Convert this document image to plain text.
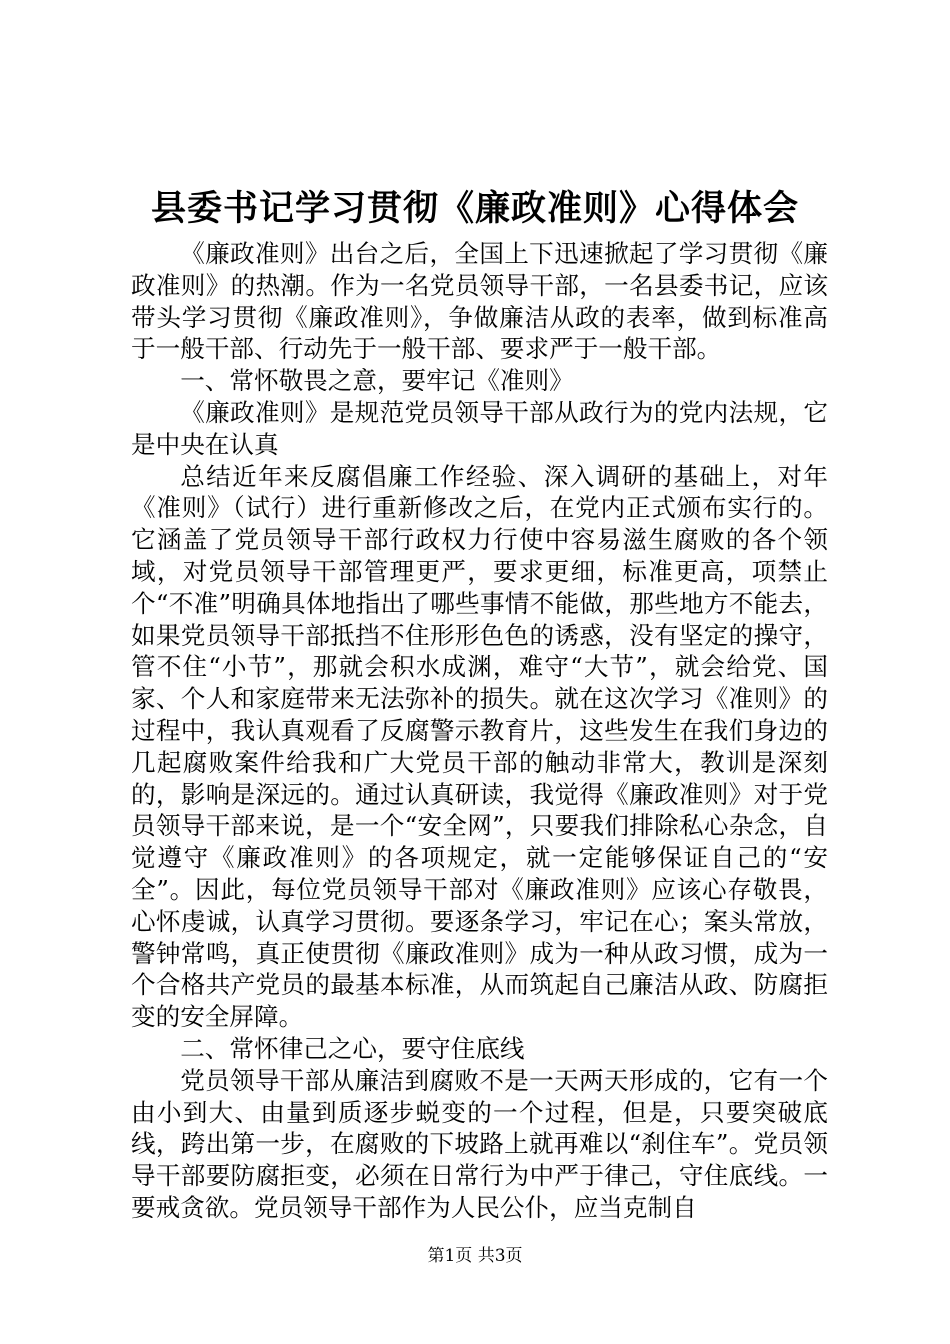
县委书记学习贯彻《廉政准则》心得体会

《廉政准则》出台之后，全国上下迅速掀起了学习贯彻《廉政准则》的热潮。作为一名党员领导干部，一名县委书记，应该带头学习贯彻《廉政准则》，争做廉洁从政的表率，做到标准高于一般干部、行动先于一般干部、要求严于一般干部。

一、常怀敬畏之意，要牢记《准则》

《廉政准则》是规范党员领导干部从政行为的党内法规，它是中央在认真

总结近年来反腐倡廉工作经验、深入调研的基础上，对年《准则》（试行）进行重新修改之后，在党内正式颁布实行的。它涵盖了党员领导干部行政权力行使中容易滋生腐败的各个领域，对党员领导干部管理更严，要求更细，标准更高，项禁止个“不准”明确具体地指出了哪些事情不能做，那些地方不能去，如果党员领导干部抵挡不住形形色色的诱惑，没有坚定的操守，管不住“小节”，那就会积水成渊，难守“大节”，就会给党、国家、个人和家庭带来无法弥补的损失。就在这次学习《准则》的过程中，我认真观看了反腐警示教育片，这些发生在我们身边的几起腐败案件给我和广大党员干部的触动非常大，教训是深刻的，影响是深远的。通过认真研读，我觉得《廉政准则》对于党员领导干部来说，是一个“安全网”，只要我们排除私心杂念，自觉遵守《廉政准则》的各项规定，就一定能够保证自己的“安全”。因此，每位党员领导干部对《廉政准则》应该心存敬畏，心怀虔诚，认真学习贯彻。要逐条学习，牢记在心；案头常放，警钟常鸣，真正使贯彻《廉政准则》成为一种从政习惯，成为一个合格共产党员的最基本标准，从而筑起自己廉洁从政、防腐拒变的安全屏障。

二、常怀律己之心，要守住底线

党员领导干部从廉洁到腐败不是一天两天形成的，它有一个由小到大、由量到质逐步蜕变的一个过程，但是，只要突破底线，跨出第一步，在腐败的下坡路上就再难以“刹住车”。党员领导干部要防腐拒变，必须在日常行为中严于律己，守住底线。一要戒贪欲。党员领导干部作为人民公仆，应当克制自

第1页 共3页
